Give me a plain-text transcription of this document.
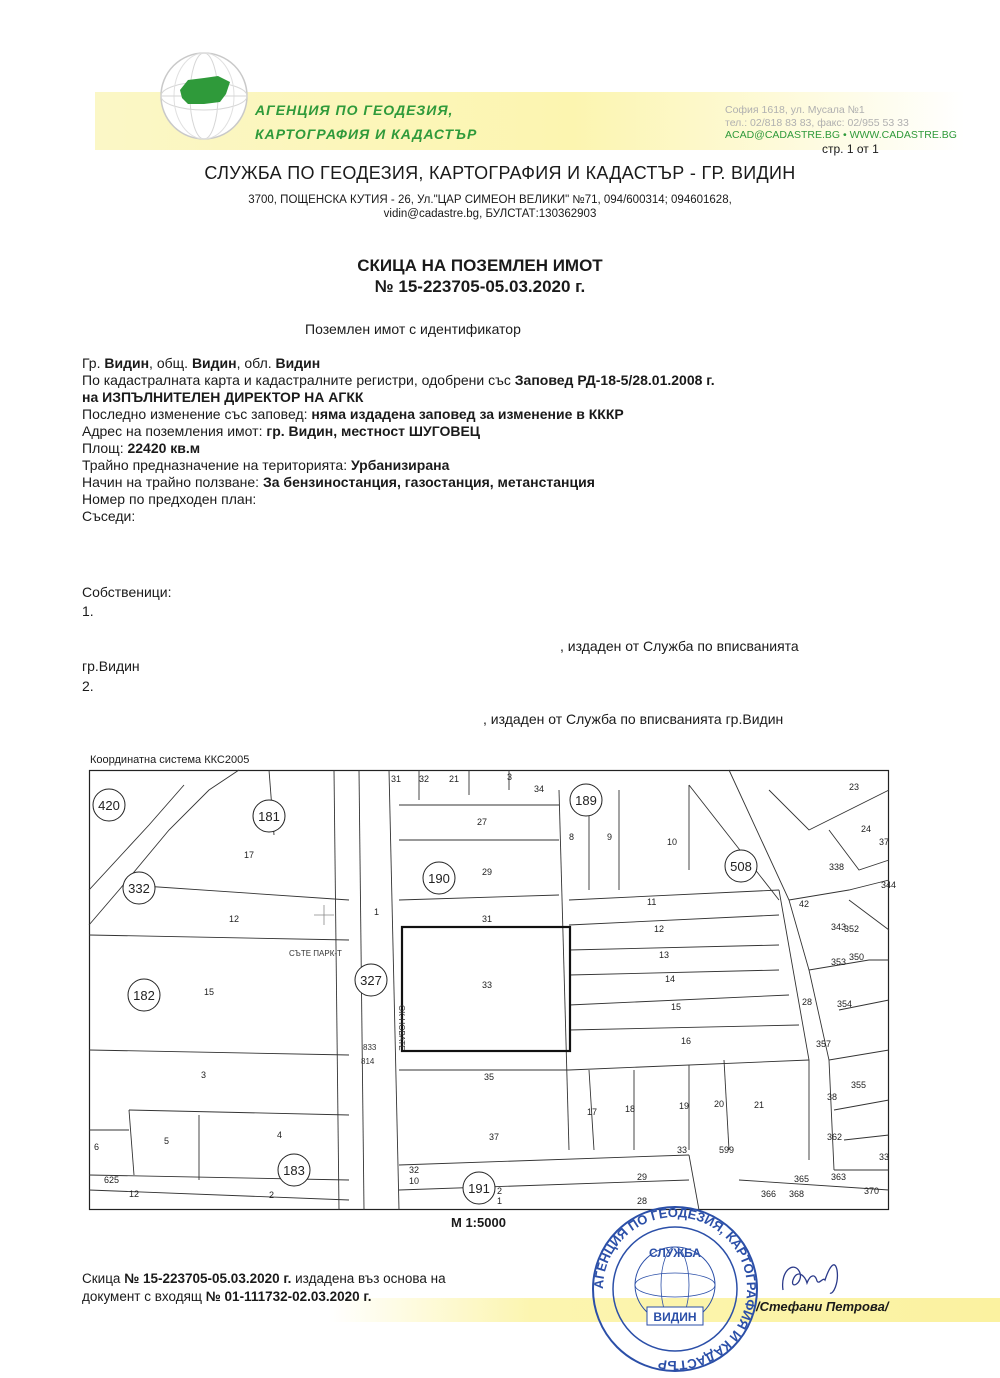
АГЕНЦИЯ ПО ГЕОДЕЗИЯ,
КАРТОГРАФИЯ И КАДАСТЪР
София 1618, ул. Мусала №1
тел.: 02/818 83 83, факс: 02/955 53 33
ACAD@CADASTRE.BG • WWW.CADASTRE.BG
стр. 1 от 1
СЛУЖБА ПО ГЕОДЕЗИЯ, КАРТОГРАФИЯ И КАДАСТЪР - ГР. ВИДИН
3700, ПОЩЕНСКА КУТИЯ - 26, Ул."ЦАР СИМЕОН ВЕЛИКИ" №71, 094/600314; 094601628,
vidin@cadastre.bg, БУЛСТАТ:130362903
СКИЦА НА ПОЗЕМЛЕН ИМОТ
№ 15-223705-05.03.2020 г.
Поземлен имот с идентификатор
Гр. Видин, общ. Видин, обл. Видин
По кадастралната карта и кадастралните регистри, одобрени със Заповед РД-18-5/28.01.2008 г.
на ИЗПЪЛНИТЕЛЕН ДИРЕКТОР НА АГКК
Последно изменение със заповед: няма издадена заповед за изменение в КККР
Адрес на поземления имот: гр. Видин, местност ШУГОВЕЦ
Площ: 22420 кв.м
Трайно предназначение на територията: Урбанизирана
Начин на трайно ползване: За бензиностанция, газостанция, метанстанция
Номер по предходен план:
Съседи:
Собственици:
1.
, издаден от Служба по вписванията
гр.Видин
2.
, издаден от Служба по вписванията гр.Видин
Координатна система ККС2005
420
181
332
182
327
190
189
508
183
191
31 32 21	3
34
27
29
8	9	10
17
12
15
1
31
11
12
13
14
15
16
33
35
3
4
5
6
625
12	2
37
17	18	19	20	21
33	599
29
28
2
1
32
10
353
354
42
350
357
362
363
368
366
338
344
352
343
355
28
23
24
37
38
33
370
365
СЪТЕ ПАРК-Т
ОК-НОВАТЕ
833
814
М 1:5000
Скица № 15-223705-05.03.2020 г. издадена въз основа на
документ с входящ № 01-111732-02.03.2020 г.
/Стефани Петрова/
АГЕНЦИЯ ПО ГЕОДЕЗИЯ, КАРТОГРАФИЯ И КАДАСТЪР
СЛУЖБА
ВИДИН
